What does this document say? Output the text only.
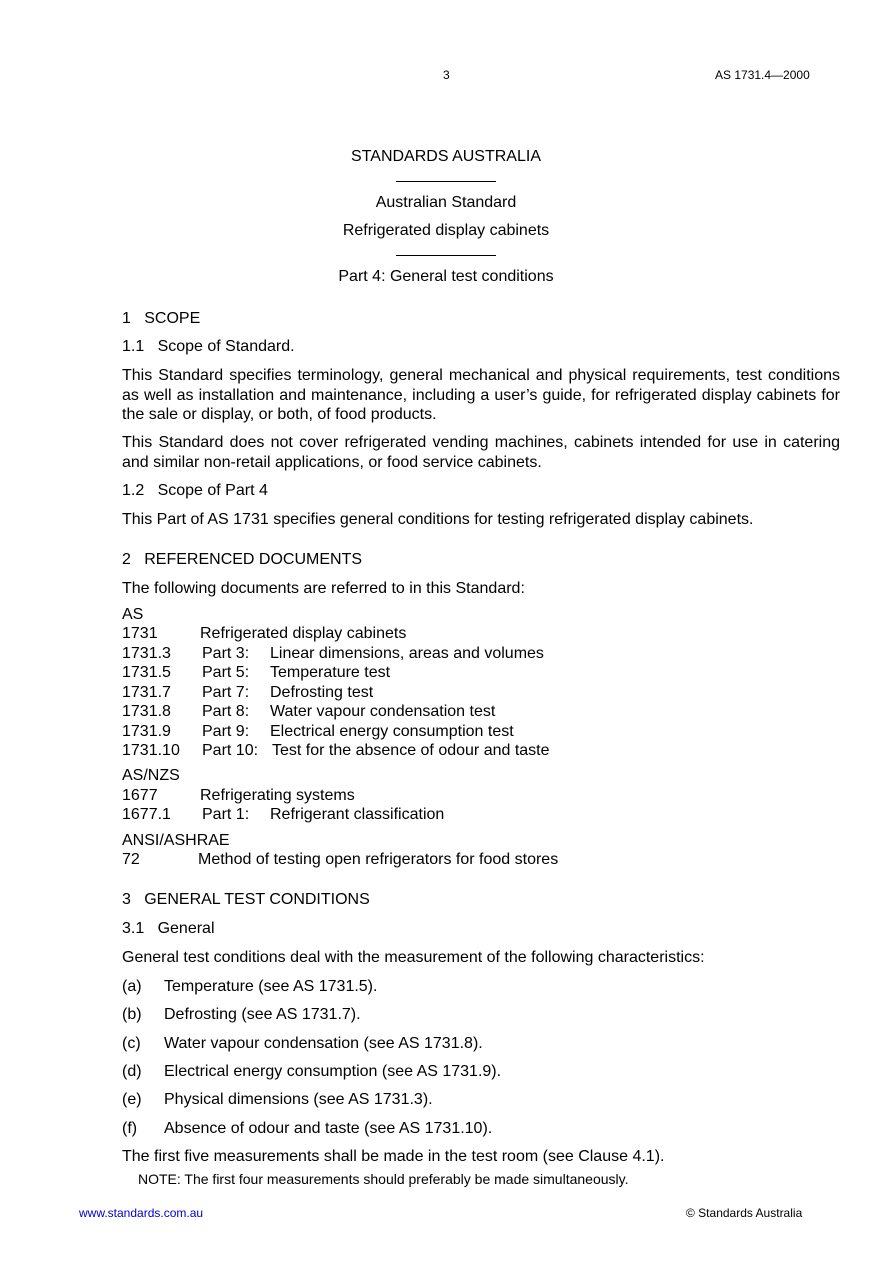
3	AS 1731.4—2000
STANDARDS AUSTRALIA
Australian Standard
Refrigerated display cabinets
Part 4: General test conditions
1   SCOPE
1.1   Scope of Standard.
This Standard specifies terminology, general mechanical and physical requirements, test conditions as well as installation and maintenance, including a user’s guide, for refrigerated display cabinets for the sale or display, or both, of food products.
This Standard does not cover refrigerated vending machines, cabinets intended for use in catering and similar non-retail applications, or food service cabinets.
1.2   Scope of Part 4
This Part of AS 1731 specifies general conditions for testing refrigerated display cabinets.
2   REFERENCED DOCUMENTS
The following documents are referred to in this Standard:
AS
1731	Refrigerated display cabinets
1731.3 Part 3: Linear dimensions, areas and volumes
1731.5 Part 5: Temperature test
1731.7 Part 7: Defrosting test
1731.8 Part 8: Water vapour condensation test
1731.9 Part 9: Electrical energy consumption test
1731.10 Part 10: Test for the absence of odour and taste
AS/NZS
1677	Refrigerating systems
1677.1 Part 1: Refrigerant classification
ANSI/ASHRAE
72	Method of testing open refrigerators for food stores
3   GENERAL TEST CONDITIONS
3.1   General
General test conditions deal with the measurement of the following characteristics:
(a) Temperature (see AS 1731.5).
(b) Defrosting (see AS 1731.7).
(c) Water vapour condensation (see AS 1731.8).
(d) Electrical energy consumption (see AS 1731.9).
(e) Physical dimensions (see AS 1731.3).
(f) Absence of odour and taste (see AS 1731.10).
The first five measurements shall be made in the test room (see Clause 4.1).
NOTE: The first four measurements should preferably be made simultaneously.
www.standards.com.au	© Standards Australia
